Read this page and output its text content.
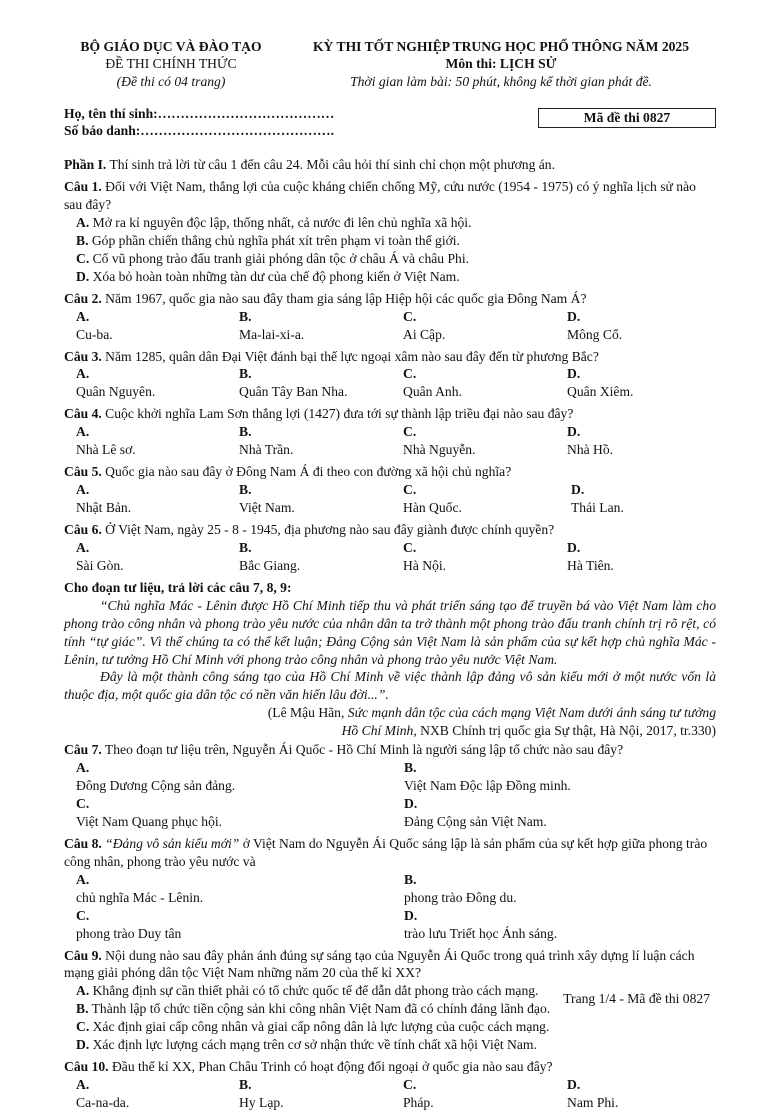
BỘ GIÁO DỤC VÀ ĐÀO TẠO
ĐỀ THI CHÍNH THỨC
(Đề thi có 04 trang)
KỲ THI TỐT NGHIỆP TRUNG HỌC PHỔ THÔNG NĂM 2025
Môn thi: LỊCH SỬ
Thời gian làm bài: 50 phút, không kể thời gian phát đề.
Họ, tên thí sinh:…………………………………
Số báo danh:…………………………………….
Mã đề thi 0827
Phần I. Thí sinh trả lời từ câu 1 đến câu 24. Mỗi câu hỏi thí sinh chỉ chọn một phương án.

Câu 1. Đối với Việt Nam, thắng lợi của cuộc kháng chiến chống Mỹ, cứu nước (1954 - 1975) có ý nghĩa lịch sử nào sau đây?

A. Mở ra kỉ nguyên độc lập, thống nhất, cả nước đi lên chủ nghĩa xã hội.
B. Góp phần chiến thắng chủ nghĩa phát xít trên phạm vi toàn thế giới.
C. Cổ vũ phong trào đấu tranh giải phóng dân tộc ở châu Á và châu Phi.
D. Xóa bỏ hoàn toàn những tàn dư của chế độ phong kiến ở Việt Nam.

Câu 2. Năm 1967, quốc gia nào sau đây tham gia sáng lập Hiệp hội các quốc gia Đông Nam Á?

A.Cu-ba.
B.Ma-lai-xi-a.
C.Ai Cập.
D.Mông Cổ.

Câu 3. Năm 1285, quân dân Đại Việt đánh bại thế lực ngoại xâm nào sau đây đến từ phương Bắc?

A.Quân Nguyên.
B.Quân Tây Ban Nha.
C.Quân Anh.
D.Quân Xiêm.

Câu 4. Cuộc khởi nghĩa Lam Sơn thắng lợi (1427) đưa tới sự thành lập triều đại nào sau đây?

A.Nhà Lê sơ.
B.Nhà Trần.
C.Nhà Nguyễn.
D.Nhà Hồ.

Câu 5. Quốc gia nào sau đây ở Đông Nam Á đi theo con đường xã hội chủ nghĩa?

A.Nhật Bản.
B.Việt Nam.
C.Hàn Quốc.
D.Thái Lan.

Câu 6. Ở Việt Nam, ngày 25 - 8 - 1945, địa phương nào sau đây giành được chính quyền?

A.Sài Gòn.
B.Bắc Giang.
C.Hà Nội.
D.Hà Tiên.

Cho đoạn tư liệu, trả lời các câu 7, 8, 9:

“Chủ nghĩa Mác - Lênin được Hồ Chí Minh tiếp thu và phát triển sáng tạo để truyền bá vào Việt Nam làm cho phong trào công nhân và phong trào yêu nước của nhân dân ta trở thành một phong trào đấu tranh chính trị rõ rệt, có tính “tự giác”. Vì thế chúng ta có thể kết luận; Đảng Cộng sản Việt Nam là sản phẩm của sự kết hợp chủ nghĩa Mác - Lênin, tư tưởng Hồ Chí Minh với phong trào công nhân và phong trào yêu nước Việt Nam.

Đây là một thành công sáng tạo của Hồ Chí Minh về việc thành lập đảng vô sản kiểu mới ở một nước vốn là thuộc địa, một quốc gia dân tộc có nền văn hiến lâu đời...”.

(Lê Mậu Hãn, Sức mạnh dân tộc của cách mạng Việt Nam dưới ánh sáng tư tưởng

Hồ Chí Minh, NXB Chính trị quốc gia Sự thật, Hà Nội, 2017, tr.330)

Câu 7. Theo đoạn tư liệu trên, Nguyễn Ái Quốc - Hồ Chí Minh là người sáng lập tổ chức nào sau đây?

A.Đông Dương Cộng sản đảng.
B.Việt Nam Độc lập Đồng minh.
C.Việt Nam Quang phục hội.
D.Đảng Cộng sản Việt Nam.

Câu 8. “Đảng vô sản kiểu mới” ở Việt Nam do Nguyễn Ái Quốc sáng lập là sản phẩm của sự kết hợp giữa phong trào công nhân, phong trào yêu nước và

A.chủ nghĩa Mác - Lênin.
B.phong trào Đông du.
C.phong trào Duy tân
D.trào lưu Triết học Ánh sáng.

Câu 9. Nội dung nào sau đây phản ánh đúng sự sáng tạo của Nguyễn Ái Quốc trong quá trình xây dựng lí luận cách mạng giải phóng dân tộc Việt Nam những năm 20 của thế kỉ XX?

A. Khẳng định sự cần thiết phải có tổ chức quốc tế để dẫn dắt phong trào cách mạng.
B. Thành lập tổ chức tiền cộng sản khi công nhân Việt Nam đã có chính đảng lãnh đạo.
C. Xác định giai cấp công nhân và giai cấp nông dân là lực lượng của cuộc cách mạng.
D. Xác định lực lượng cách mạng trên cơ sở nhận thức về tính chất xã hội Việt Nam.

Câu 10. Đầu thế kỉ XX, Phan Châu Trinh có hoạt động đối ngoại ở quốc gia nào sau đây?

A.Ca-na-da.
B.Hy Lạp.
C.Pháp.
D.Nam Phi.
Trang 1/4 - Mã đề thi 0827
